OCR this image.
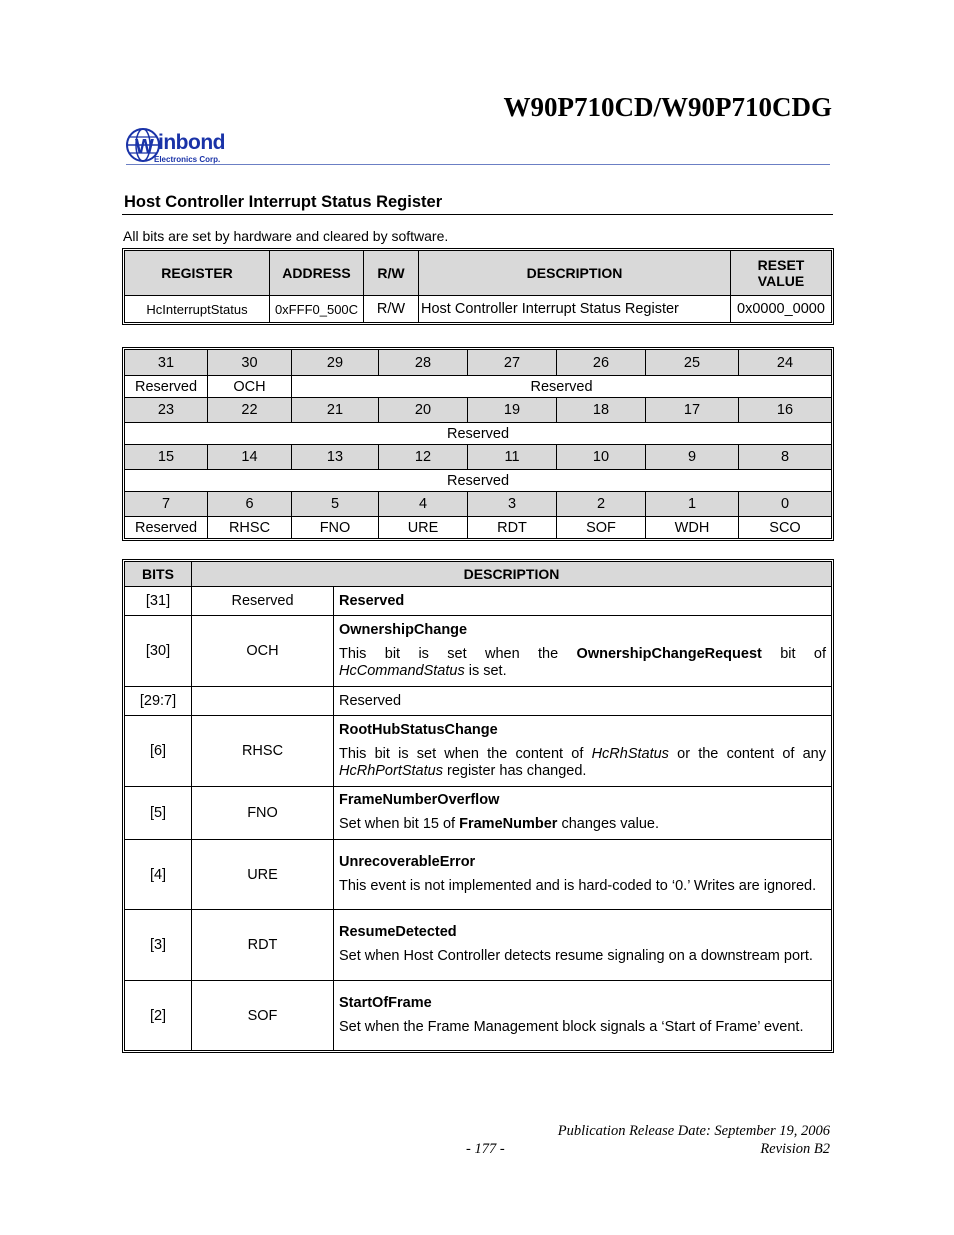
W90P710CD/W90P710CDG
W inbond
Electronics Corp.
Host Controller Interrupt Status Register

All bits are set by hardware and cleared by software.

REGISTER	ADDRESS	R/W	DESCRIPTION	RESET VALUE
HcInterruptStatus	0xFFF0_500C	R/W	Host Controller Interrupt Status Register	0x0000_0000
31	30	29	28	27	26	25	24
Reserved	OCH	Reserved					
23	22	21	20	19	18	17	16
Reserved							
15	14	13	12	11	10	9	8
Reserved							
7	6	5	4	3	2	1	0
Reserved	RHSC	FNO	URE	RDT	SOF	WDH	SCO
BITS	DESCRIPTION	
[31]	Reserved	Reserved
[30]	OCH	OwnershipChange
This bit is set when the OwnershipChangeRequest bit of HcCommandStatus is set.

[29:7]		Reserved
[6]	RHSC	RootHubStatusChange
This bit is set when the content of HcRhStatus or the content of any HcRhPortStatus register has changed.

[5]	FNO	FrameNumberOverflow
Set when bit 15 of FrameNumber changes value.

[4]	URE	UnrecoverableError
This event is not implemented and is hard-coded to ‘0.’ Writes are ignored.

[3]	RDT	ResumeDetected
Set when Host Controller detects resume signaling on a downstream port.

[2]	SOF	StartOfFrame
Set when the Frame Management block signals a ‘Start of Frame’ event.

Publication Release Date: September 19, 2006

- 177 -	Revision B2
